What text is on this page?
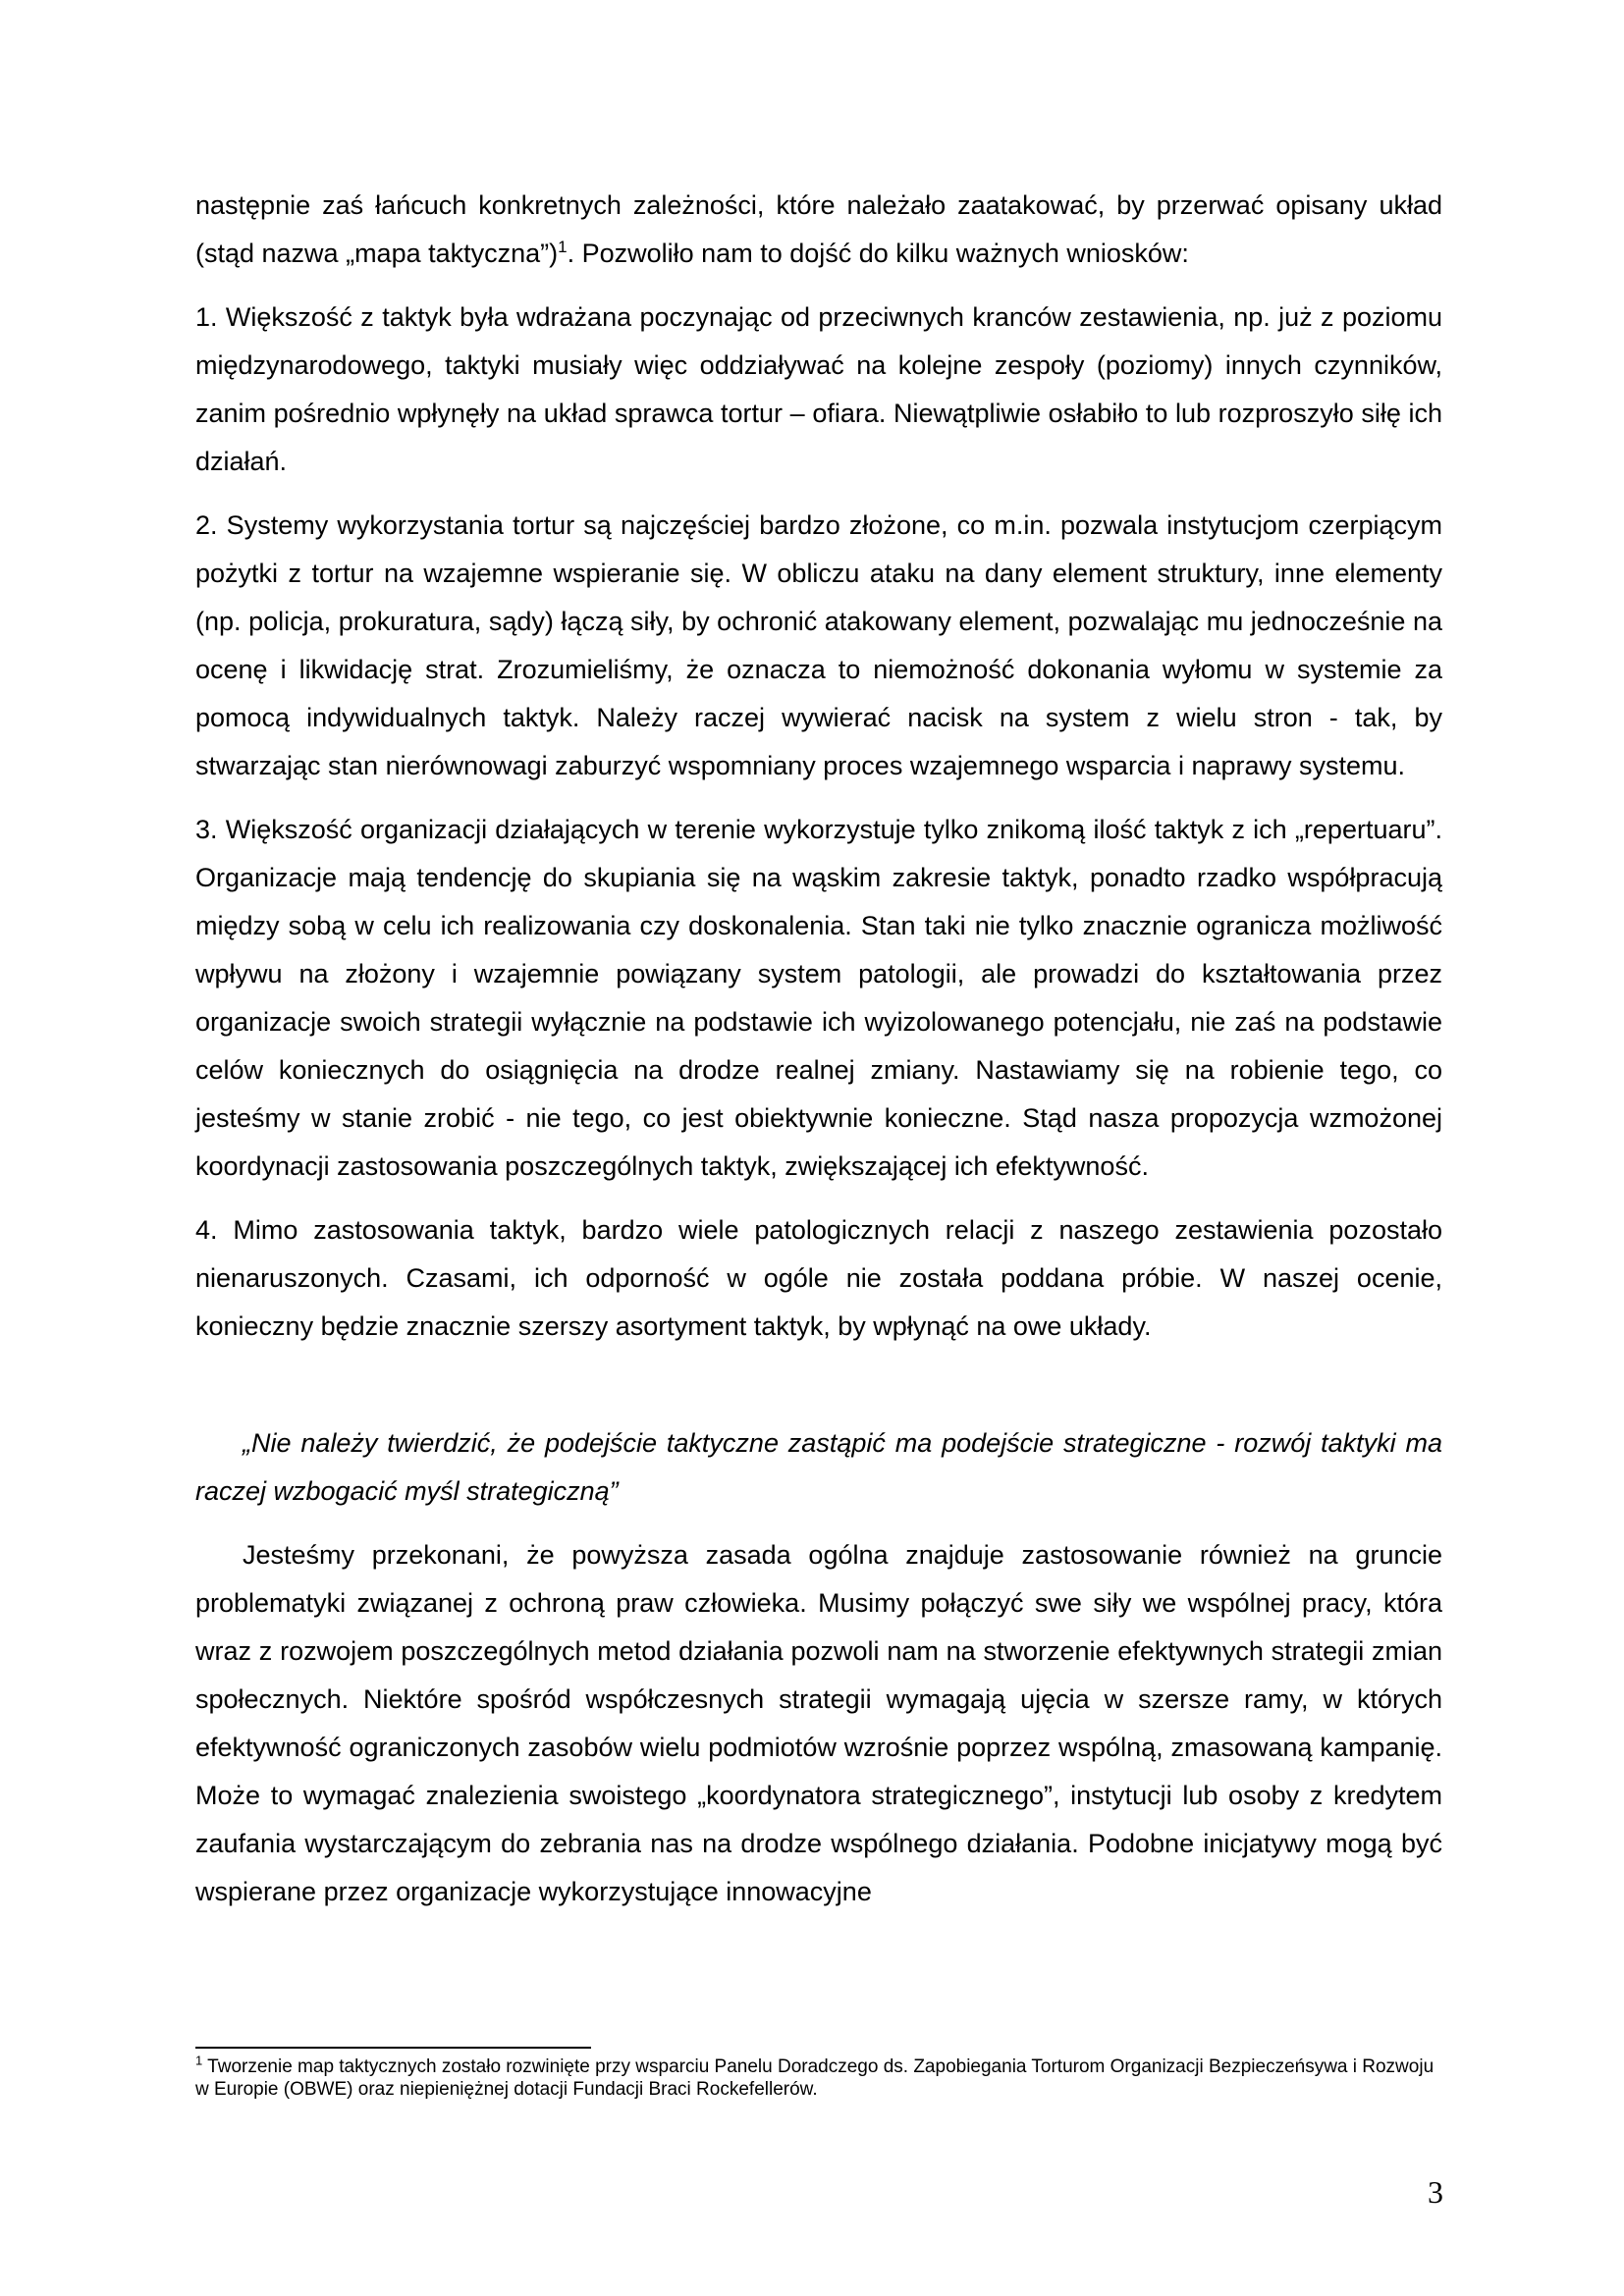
następnie zaś łańcuch konkretnych zależności, które należało zaatakować, by przerwać opisany układ (stąd nazwa „mapa taktyczna”)$^1$. Pozwoliło nam to dojść do kilku ważnych wniosków:

1. Większość z taktyk była wdrażana poczynając od przeciwnych kranców zestawienia, np. już z poziomu międzynarodowego, taktyki musiały więc oddziaływać na kolejne zespoły (poziomy) innych czynników, zanim pośrednio wpłynęły na układ sprawca tortur – ofiara. Niewątpliwie osłabiło to lub rozproszyło siłę ich działań.

2. Systemy wykorzystania tortur są najczęściej bardzo złożone, co m.in. pozwala instytucjom czerpiącym pożytki z tortur na wzajemne wspieranie się. W obliczu ataku na dany element struktury, inne elementy (np. policja, prokuratura, sądy) łączą siły, by ochronić atakowany element, pozwalając mu jednocześnie na ocenę i likwidację strat. Zrozumieliśmy, że oznacza to niemożność dokonania wyłomu w systemie za pomocą indywidualnych taktyk. Należy raczej wywierać nacisk na system z wielu stron - tak, by stwarzając stan nierównowagi zaburzyć wspomniany proces wzajemnego wsparcia i naprawy systemu.

3. Większość organizacji działających w terenie wykorzystuje tylko znikomą ilość taktyk z ich „repertuaru”. Organizacje mają tendencję do skupiania się na wąskim zakresie taktyk, ponadto rzadko współpracują między sobą w celu ich realizowania czy doskonalenia. Stan taki nie tylko znacznie ogranicza możliwość wpływu na złożony i wzajemnie powiązany system patologii, ale prowadzi do kształtowania przez organizacje swoich strategii wyłącznie na podstawie ich wyizolowanego potencjału, nie zaś na podstawie celów koniecznych do osiągnięcia na drodze realnej zmiany. Nastawiamy się na robienie tego, co jesteśmy w stanie zrobić - nie tego, co jest obiektywnie konieczne. Stąd nasza propozycja wzmożonej koordynacji zastosowania poszczególnych taktyk, zwiększającej ich efektywność.

4. Mimo zastosowania taktyk, bardzo wiele patologicznych relacji z naszego zestawienia pozostało nienaruszonych. Czasami, ich odporność w ogóle nie została poddana próbie. W naszej ocenie, konieczny będzie znacznie szerszy asortyment taktyk, by wpłynąć na owe układy.

„Nie należy twierdzić, że podejście taktyczne zastąpić ma podejście strategiczne - rozwój taktyki ma raczej wzbogacić myśl strategiczną”

Jesteśmy przekonani, że powyższa zasada ogólna znajduje zastosowanie również na gruncie problematyki związanej z ochroną praw człowieka. Musimy połączyć swe siły we wspólnej pracy, która wraz z rozwojem poszczególnych metod działania pozwoli nam na stworzenie efektywnych strategii zmian społecznych. Niektóre spośród współczesnych strategii wymagają ujęcia w szersze ramy, w których efektywność ograniczonych zasobów wielu podmiotów wzrośnie poprzez wspólną, zmasowaną kampanię. Może to wymagać znalezienia swoistego „koordynatora strategicznego”, instytucji lub osoby z kredytem zaufania wystarczającym do zebrania nas na drodze wspólnego działania. Podobne inicjatywy mogą być wspierane przez organizacje wykorzystujące innowacyjne

$^1$ Tworzenie map taktycznych zostało rozwinięte przy wsparciu Panelu Doradczego ds. Zapobiegania Torturom Organizacji Bezpieczeńsywa i Rozwoju w Europie (OBWE) oraz niepieniężnej dotacji Fundacji Braci Rockefellerów.
3
